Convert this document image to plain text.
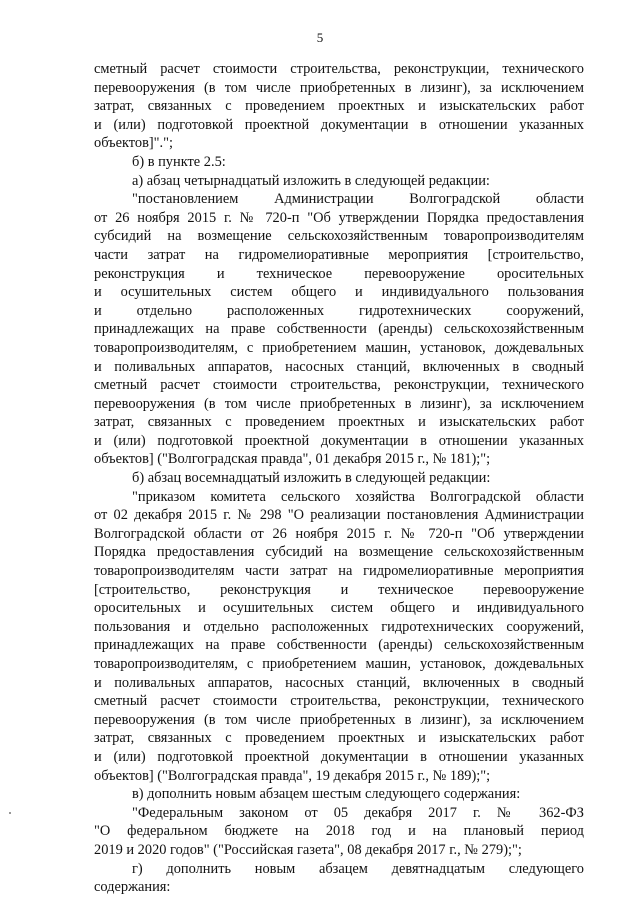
5
сметный расчет стоимости строительства, реконструкции, технического
перевооружения (в том числе приобретенных в лизинг), за исключением
затрат, связанных с проведением проектных и изыскательских работ
и (или) подготовкой проектной документации в отношении указанных
объектов]".";
б) в пункте 2.5:
а) абзац четырнадцатый изложить в следующей редакции:
"постановлением Администрации Волгоградской области
от 26 ноября 2015 г. № 720-п "Об утверждении Порядка предоставления
субсидий на возмещение сельскохозяйственным товаропроизводителям
части затрат на гидромелиоративные мероприятия [строительство,
реконструкция и техническое перевооружение оросительных
и осушительных систем общего и индивидуального пользования
и отдельно расположенных гидротехнических сооружений,
принадлежащих на праве собственности (аренды) сельскохозяйственным
товаропроизводителям, с приобретением машин, установок, дождевальных
и поливальных аппаратов, насосных станций, включенных в сводный
сметный расчет стоимости строительства, реконструкции, технического
перевооружения (в том числе приобретенных в лизинг), за исключением
затрат, связанных с проведением проектных и изыскательских работ
и (или) подготовкой проектной документации в отношении указанных
объектов] ("Волгоградская правда", 01 декабря 2015 г., № 181);";
б) абзац восемнадцатый изложить в следующей редакции:
"приказом комитета сельского хозяйства Волгоградской области
от 02 декабря 2015 г. № 298 "О реализации постановления Администрации
Волгоградской области от 26 ноября 2015 г. № 720-п "Об утверждении
Порядка предоставления субсидий на возмещение сельскохозяйственным
товаропроизводителям части затрат на гидромелиоративные мероприятия
[строительство, реконструкция и техническое перевооружение
оросительных и осушительных систем общего и индивидуального
пользования и отдельно расположенных гидротехнических сооружений,
принадлежащих на праве собственности (аренды) сельскохозяйственным
товаропроизводителям, с приобретением машин, установок, дождевальных
и поливальных аппаратов, насосных станций, включенных в сводный
сметный расчет стоимости строительства, реконструкции, технического
перевооружения (в том числе приобретенных в лизинг), за исключением
затрат, связанных с проведением проектных и изыскательских работ
и (или) подготовкой проектной документации в отношении указанных
объектов] ("Волгоградская правда", 19 декабря 2015 г., № 189);";
в) дополнить новым абзацем шестым следующего содержания:
"Федеральным законом от 05 декабря 2017 г. № 362-ФЗ
"О федеральном бюджете на 2018 год и на плановый период
2019 и 2020 годов" ("Российская газета", 08 декабря 2017 г., № 279);";
г) дополнить новым абзацем девятнадцатым следующего
содержания:
